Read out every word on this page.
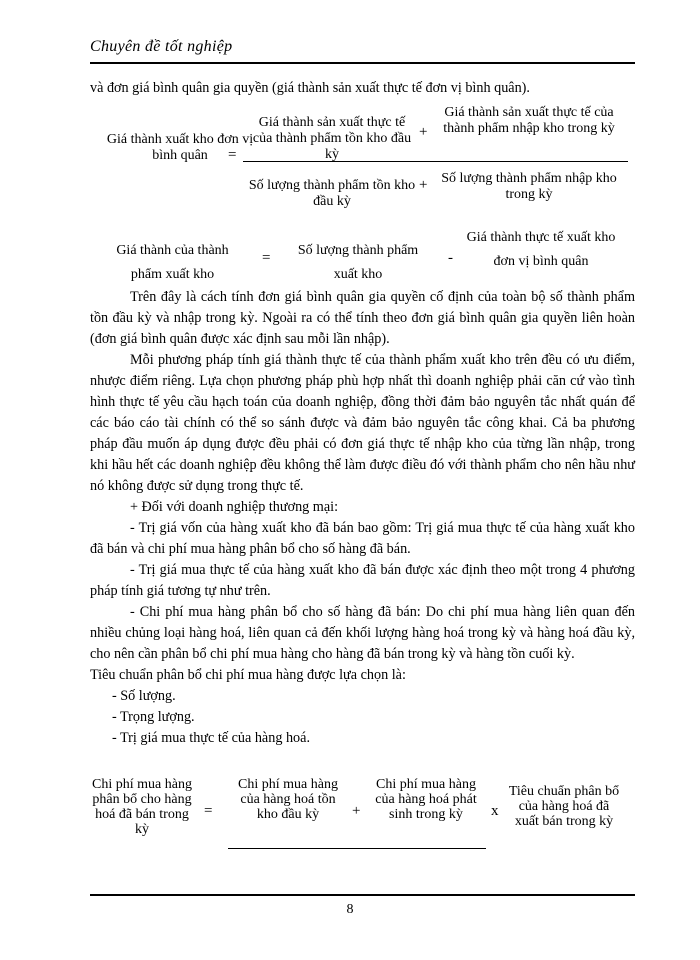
Chuyên đề tốt nghiệp
và đơn giá bình quân gia quyền (giá thành sản xuất thực tế đơn vị bình quân).
Giá thành xuất kho đơn vị bình quân	=
Giá thành sản xuất thực tế của thành phẩm tồn kho đầu kỳ
+
Giá thành sản xuất thực tế của thành phẩm nhập kho trong kỳ
Số lượng thành phẩm tồn kho đầu kỳ
+ Số lượng thành phẩm nhập kho trong kỳ
Giá thành của thành phẩm xuất kho
=	Số lượng thành phẩm xuất kho
-
Giá thành thực tế xuất kho đơn vị bình quân

Trên đây là cách tính đơn giá bình quân gia quyền cố định của toàn bộ số thành phẩm tồn đầu kỳ và nhập trong kỳ. Ngoài ra có thể tính theo đơn giá bình quân gia quyền liên hoàn (đơn giá bình quân được xác định sau mỗi lần nhập).

Mỗi phương pháp tính giá thành thực tế của thành phẩm xuất kho trên đều có ưu điểm, nhược điểm riêng. Lựa chọn phương pháp phù hợp nhất thì doanh nghiệp phải căn cứ vào tình hình thực tế yêu cầu hạch toán của doanh nghiệp, đồng thời đảm bảo nguyên tắc nhất quán để các báo cáo tài chính có thể so sánh được và đảm bảo nguyên tắc công khai. Cả ba phương pháp đầu muốn áp dụng được đều phải có đơn giá thực tế nhập kho của từng lần nhập, trong khi hầu hết các doanh nghiệp đều không thể làm được điều đó với thành phẩm cho nên hầu như nó không được sử dụng trong thực tế.

+ Đối với doanh nghiệp thương mại:

- Trị giá vốn của hàng xuất kho đã bán bao gồm: Trị giá mua thực tế của hàng xuất kho đã bán và chi phí mua hàng phân bổ cho số hàng đã bán.

- Trị giá mua thực tế của hàng xuất kho đã bán được xác định theo một trong 4 phương pháp tính giá tương tự như trên.

- Chi phí mua hàng phân bổ cho số hàng đã bán: Do chi phí mua hàng liên quan đến nhiều chủng loại hàng hoá, liên quan cả đến khối lượng hàng hoá trong kỳ và hàng hoá đầu kỳ, cho nên cần phân bổ chi phí mua hàng cho hàng đã bán trong kỳ và hàng tồn cuối kỳ.

Tiêu chuẩn phân bổ chi phí mua hàng được lựa chọn là:

- Số lượng.

- Trọng lượng.

- Trị giá mua thực tế của hàng hoá.

Chi phí mua hàng phân bổ cho hàng hoá đã bán trong kỳ
=
Chi phí mua hàng của hàng hoá tồn kho đầu kỳ	+
Chi phí mua hàng của hàng hoá phát sinh trong kỳ	x
Tiêu chuẩn phân bổ của hàng hoá đã xuất bán trong kỳ
8
